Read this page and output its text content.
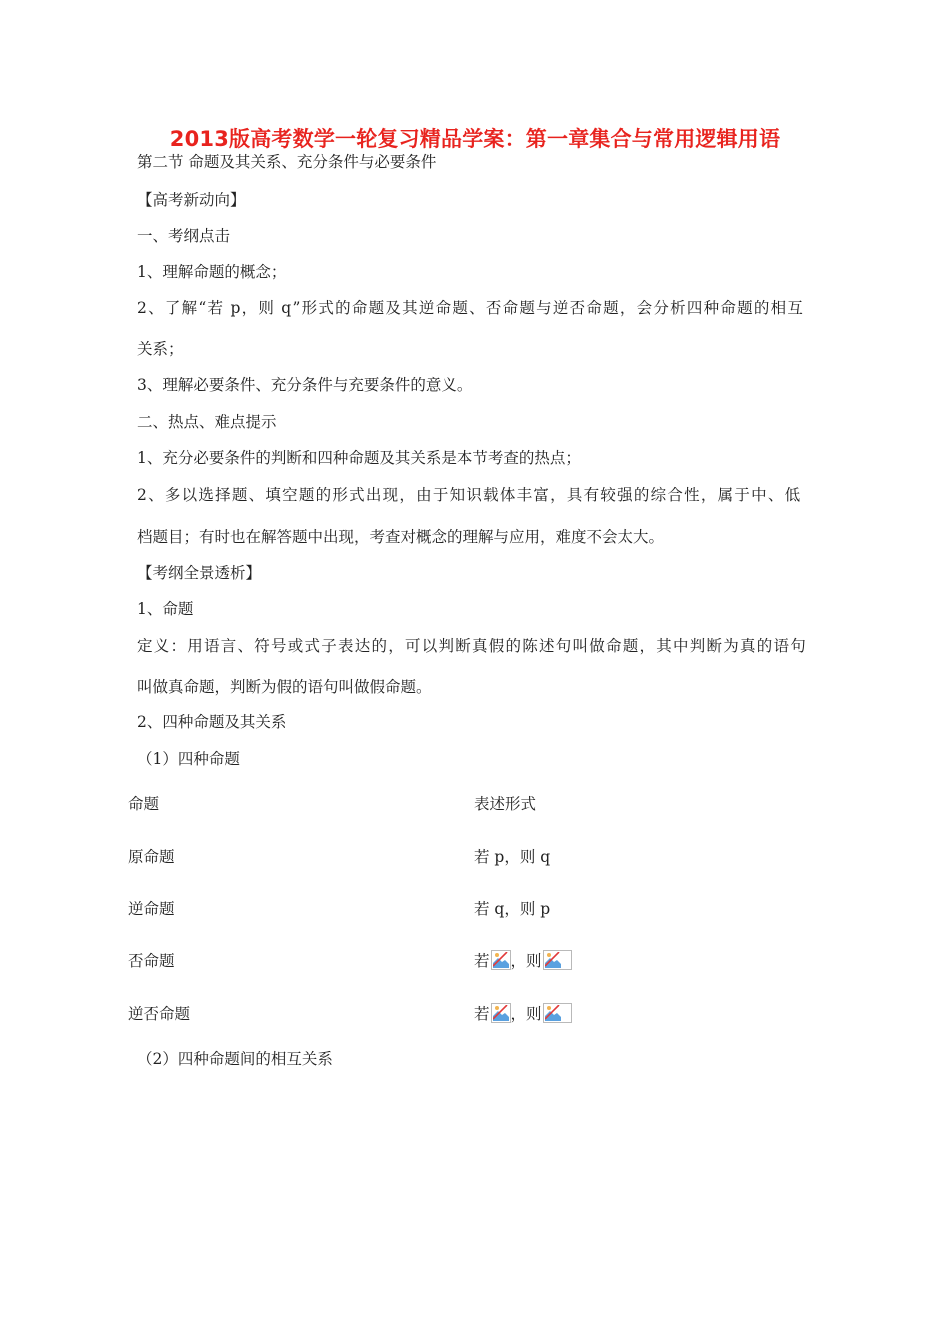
2013版高考数学一轮复习精品学案：第一章集合与常用逻辑用语
第二节 命题及其关系、充分条件与必要条件
【高考新动向】
一、考纲点击
1、理解命题的概念；
2、了解“若 p，则 q”形式的命题及其逆命题、否命题与逆否命题，会分析四种命题的相互
关系；
3、理解必要条件、充分条件与充要条件的意义。
二、热点、难点提示
1、充分必要条件的判断和四种命题及其关系是本节考查的热点；
2、多以选择题、填空题的形式出现，由于知识载体丰富，具有较强的综合性，属于中、低
档题目；有时也在解答题中出现，考查对概念的理解与应用，难度不会太大。
【考纲全景透析】
1、命题
定义：用语言、符号或式子表达的，可以判断真假的陈述句叫做命题，其中判断为真的语句
叫做真命题，判断为假的语句叫做假命题。
2、四种命题及其关系
（1）四种命题
命题	表述形式
原命题	若 p，则 q
逆命题	若 q，则 p
否命题	若 ，则
逆否命题	若 ，则
（2）四种命题间的相互关系
